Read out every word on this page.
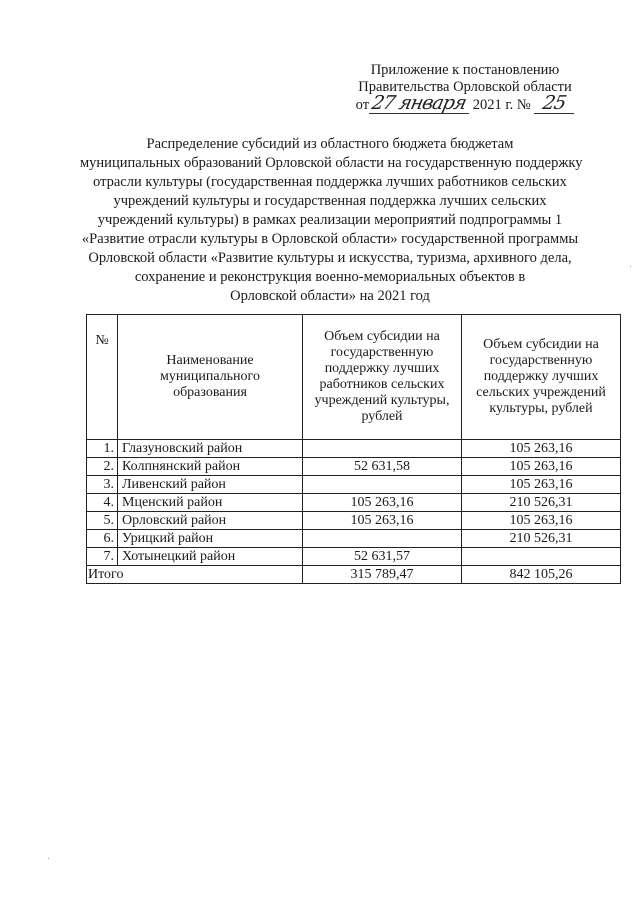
Приложение к постановлению
Правительства Орловской области
от27 января 2021 г. № 25
Распределение субсидий из областного бюджета бюджетам
муниципальных образований Орловской области на государственную поддержку
отрасли культуры (государственная поддержка лучших работников сельских
учреждений культуры и государственная поддержка лучших сельских
учреждений культуры) в рамках реализации мероприятий подпрограммы 1
«Развитие отрасли культуры в Орловской области» государственной программы
Орловской области «Развитие культуры и искусства, туризма, архивного дела,
сохранение и реконструкция военно-мемориальных объектов в
Орловской области» на 2021 год
№	Наименование муниципального образования	Объем субсидии на государственную поддержку лучших работников сельских учреждений культуры, рублей	Объем субсидии на государственную поддержку лучших сельских учреждений культуры, рублей
1.	Глазуновский район		105 263,16
2.	Колпнянский район	52 631,58	105 263,16
3.	Ливенский район		105 263,16
4.	Мценский район	105 263,16	210 526,31
5.	Орловский район	105 263,16	105 263,16
6.	Урицкий район		210 526,31
7.	Хотынецкий район	52 631,57	
Итого		315 789,47	842 105,26
